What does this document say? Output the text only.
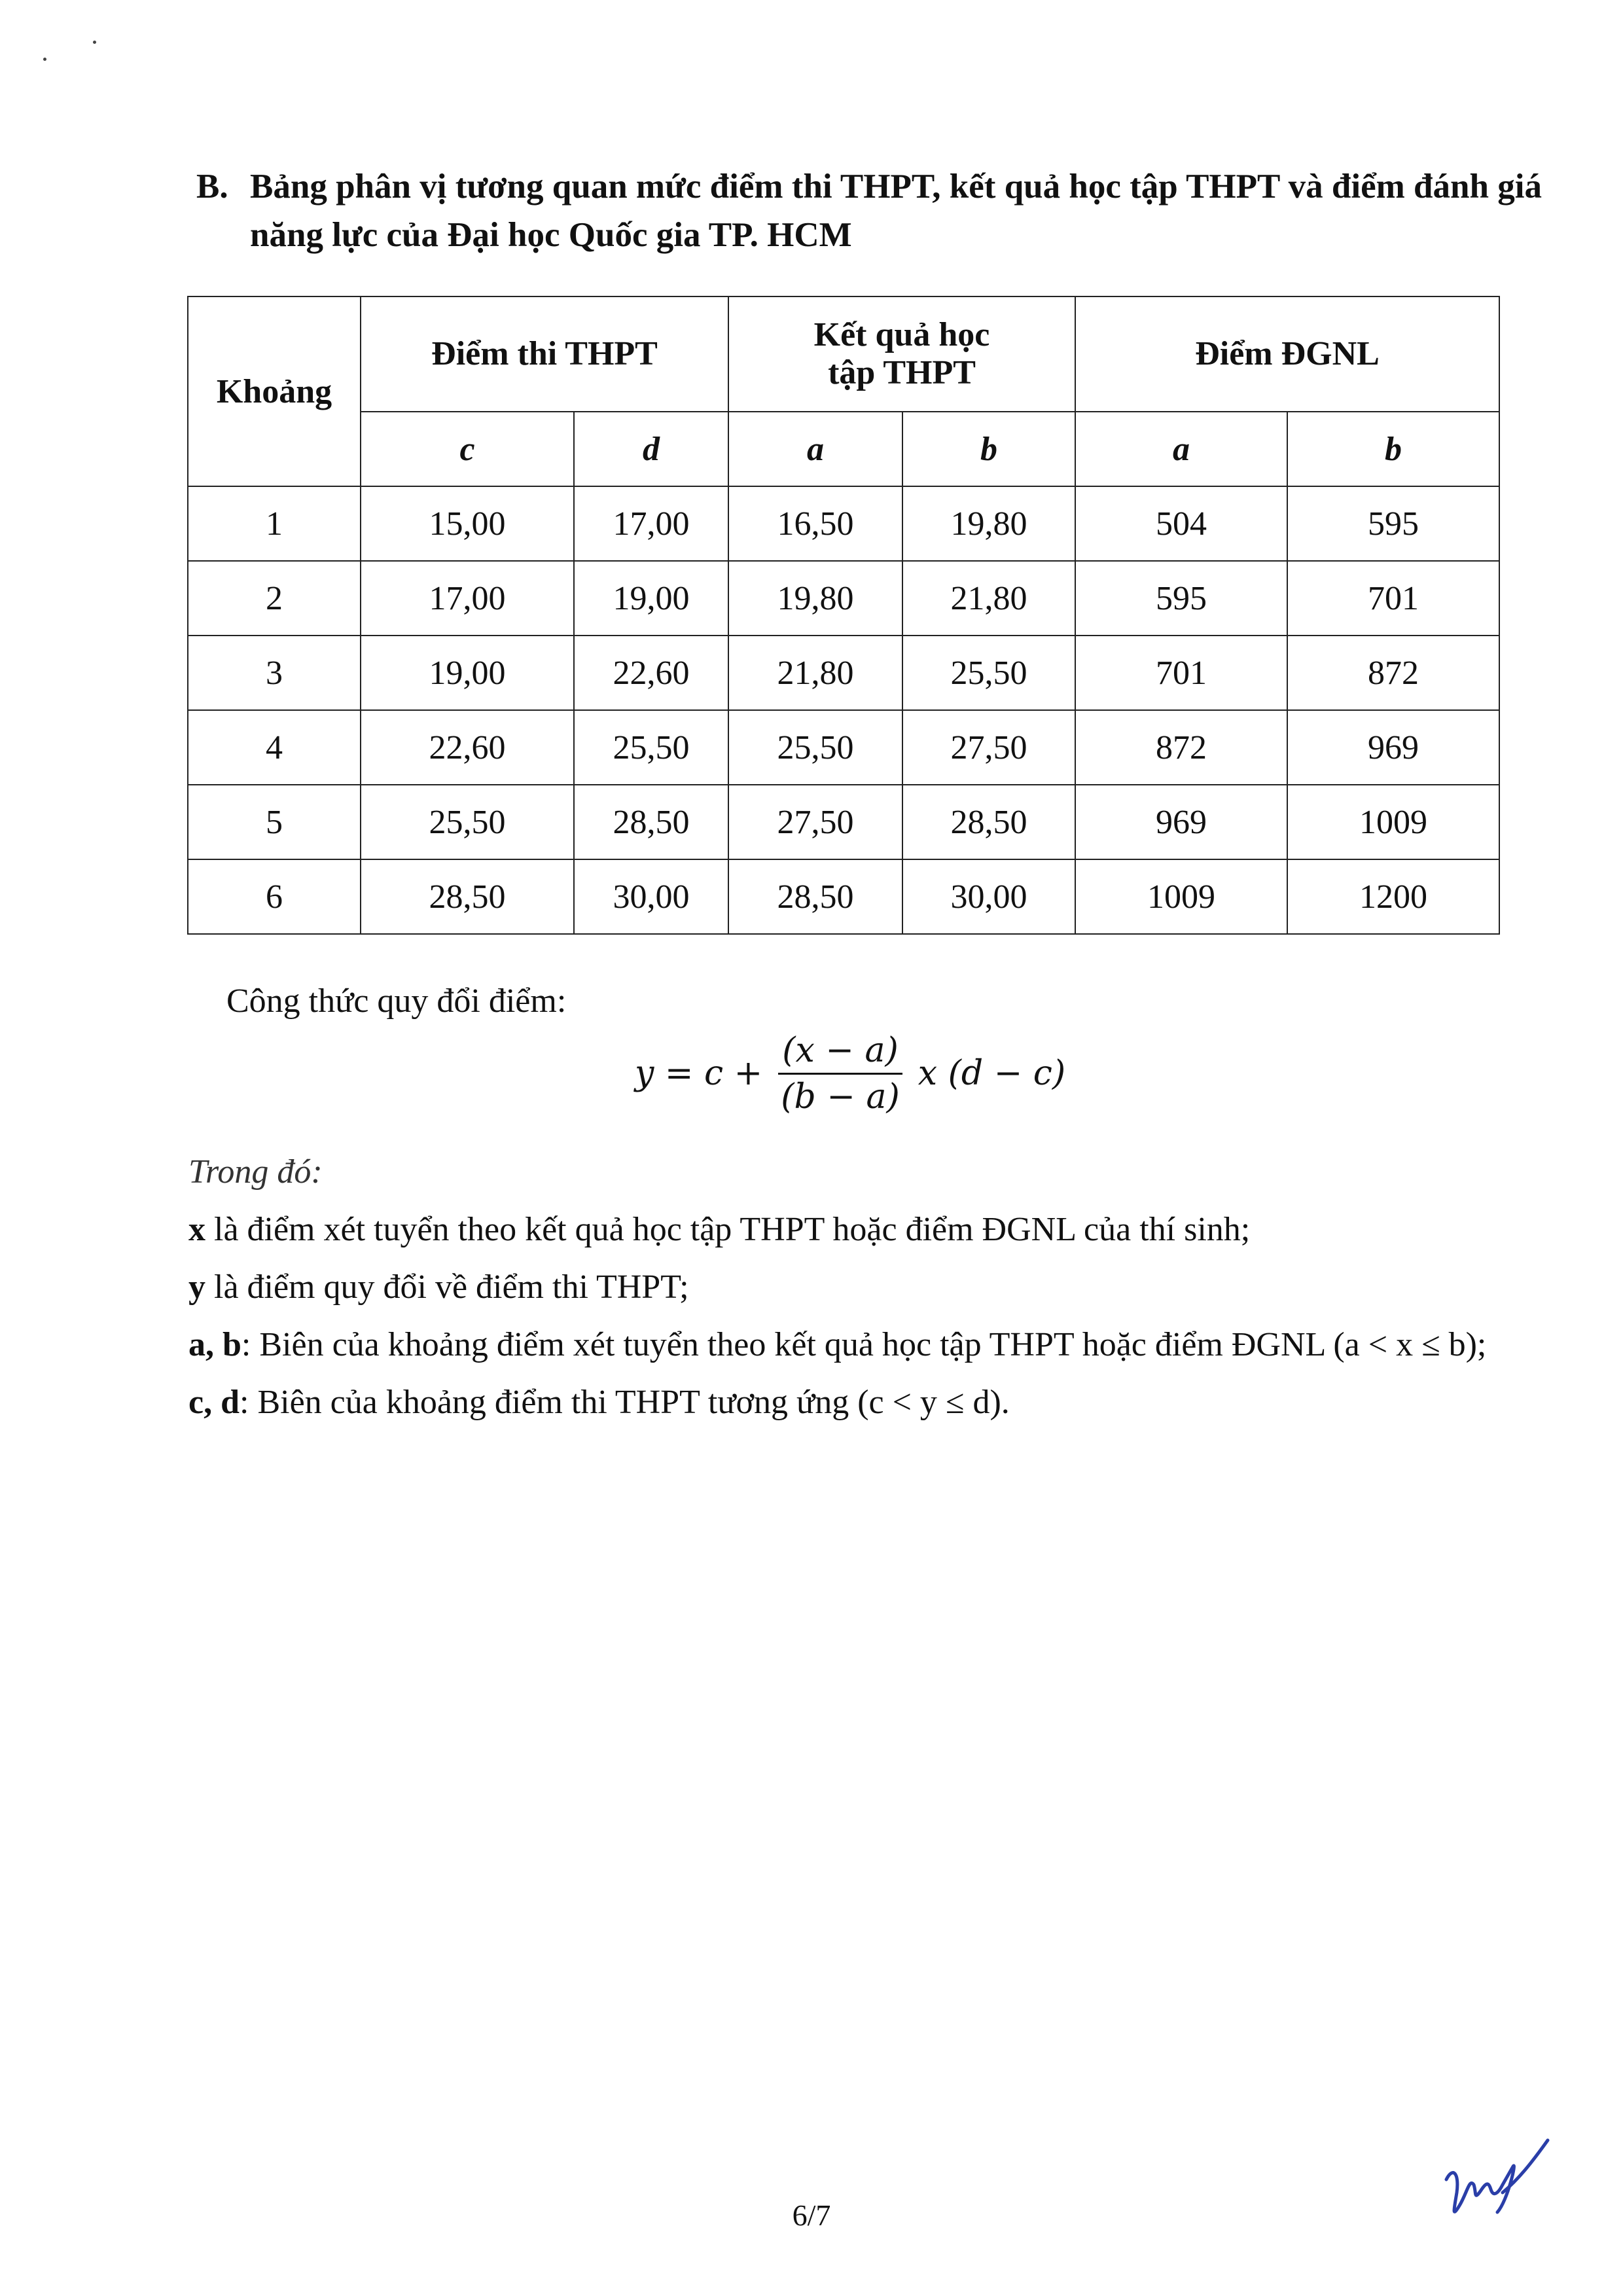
B. Bảng phân vị tương quan mức điểm thi THPT, kết quả học tập THPT và điểm đánh giá năng lực của Đại học Quốc gia TP. HCM
Khoảng	Điểm thi THPT		Kết quả học tập THPT		Điểm ĐGNL	
	c	d	a	b	a	b
1	15,00	17,00	16,50	19,80	504	595
2	17,00	19,00	19,80	21,80	595	701
3	19,00	22,60	21,80	25,50	701	872
4	22,60	25,50	25,50	27,50	872	969
5	25,50	28,50	27,50	28,50	969	1009
6	28,50	30,00	28,50	30,00	1009	1200
Công thức quy đổi điểm:
$y = c + \frac{(x - a)}{(b - a)}$ x (d − c)

Trong đó:

x là điểm xét tuyển theo kết quả học tập THPT hoặc điểm ĐGNL của thí sinh;

y là điểm quy đổi về điểm thi THPT;

a, b: Biên của khoảng điểm xét tuyển theo kết quả học tập THPT hoặc điểm ĐGNL (a < x ≤ b);

c, d: Biên của khoảng điểm thi THPT tương ứng (c < y ≤ d).

6/7
